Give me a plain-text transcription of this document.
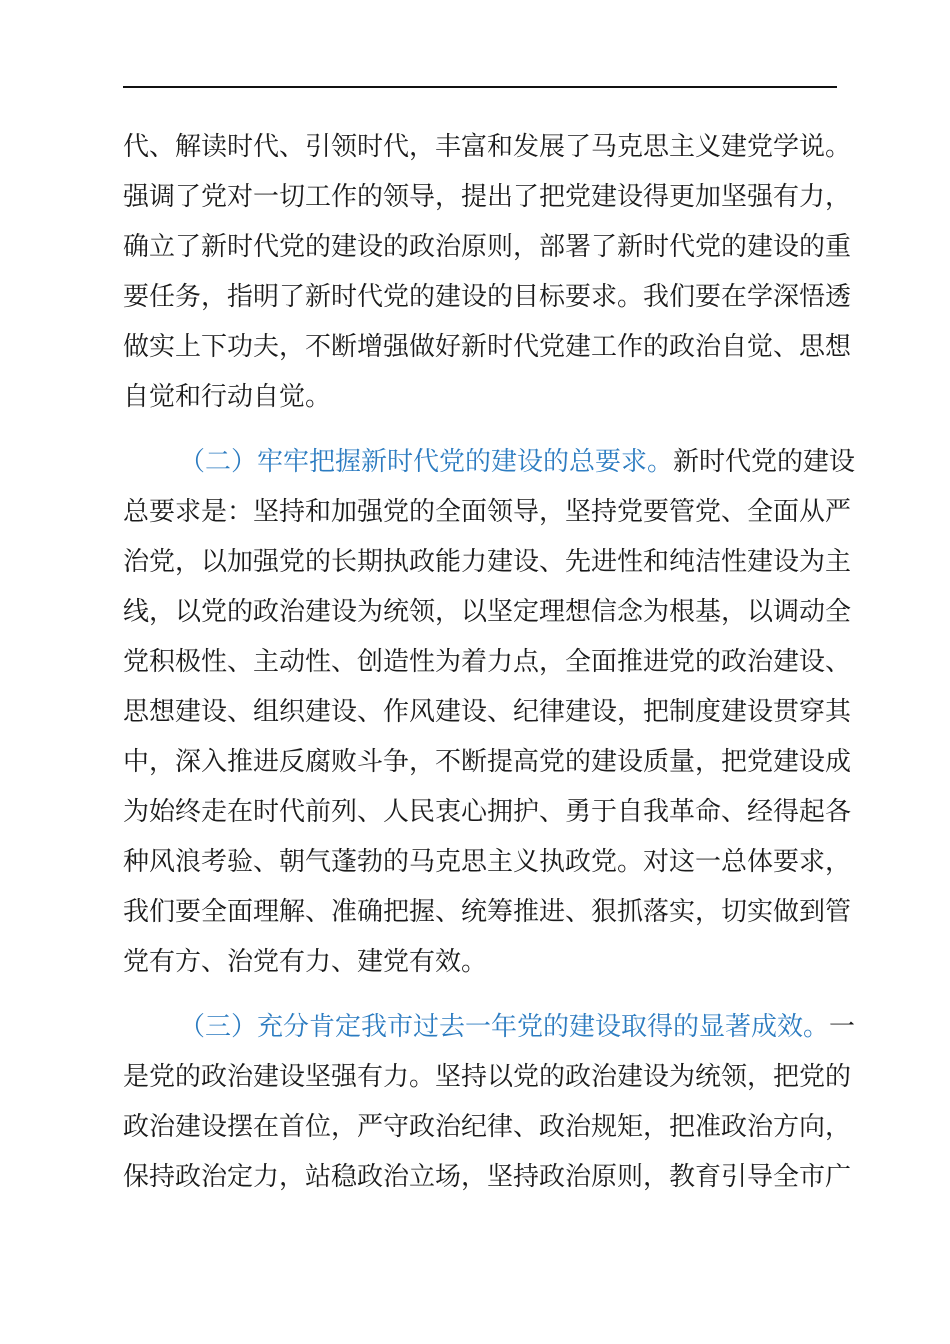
代、解读时代、引领时代，丰富和发展了马克思主义建党学说。
强调了党对一切工作的领导，提出了把党建设得更加坚强有力，
确立了新时代党的建设的政治原则，部署了新时代党的建设的重
要任务，指明了新时代党的建设的目标要求。我们要在学深悟透
做实上下功夫，不断增强做好新时代党建工作的政治自觉、思想
自觉和行动自觉。
（二）牢牢把握新时代党的建设的总要求。新时代党的建设
总要求是：坚持和加强党的全面领导，坚持党要管党、全面从严
治党，以加强党的长期执政能力建设、先进性和纯洁性建设为主
线，以党的政治建设为统领，以坚定理想信念为根基，以调动全
党积极性、主动性、创造性为着力点，全面推进党的政治建设、
思想建设、组织建设、作风建设、纪律建设，把制度建设贯穿其
中，深入推进反腐败斗争，不断提高党的建设质量，把党建设成
为始终走在时代前列、人民衷心拥护、勇于自我革命、经得起各
种风浪考验、朝气蓬勃的马克思主义执政党。对这一总体要求，
我们要全面理解、准确把握、统筹推进、狠抓落实，切实做到管
党有方、治党有力、建党有效。
（三）充分肯定我市过去一年党的建设取得的显著成效。一
是党的政治建设坚强有力。坚持以党的政治建设为统领，把党的
政治建设摆在首位，严守政治纪律、政治规矩，把准政治方向，
保持政治定力，站稳政治立场，坚持政治原则，教育引导全市广
